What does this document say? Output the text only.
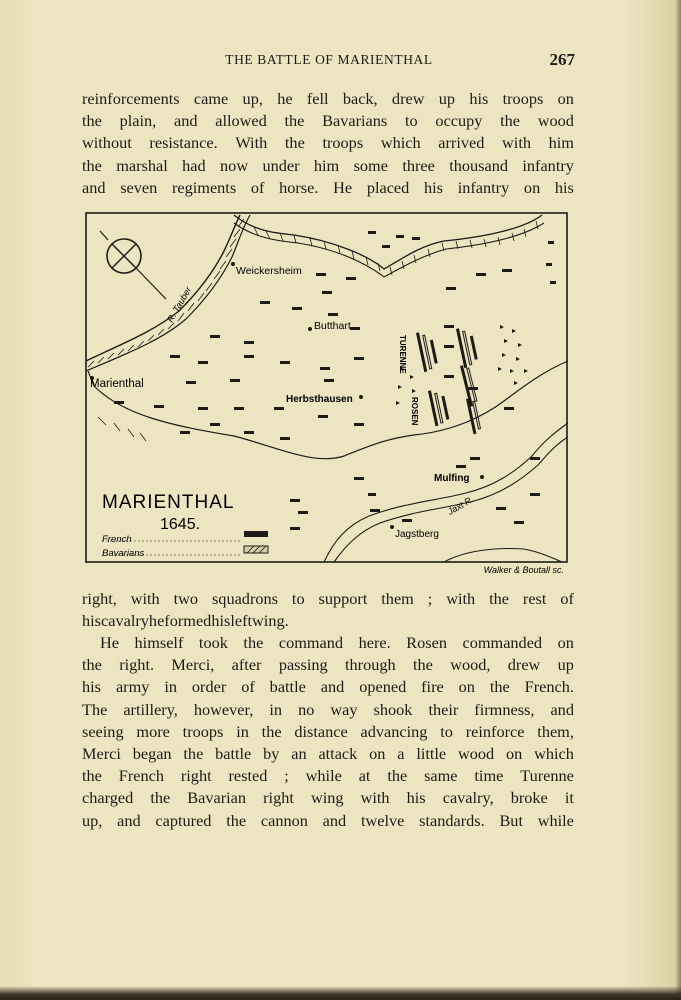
THE BATTLE OF MARIENTHAL	267
reinforcements came up, he fell back, drew up his troops on
the plain, and allowed the Bavarians to occupy the wood
without resistance. With the troops which arrived with him
the marshal had now under him some three thousand infantry
and seven regiments of horse. He placed his infantry on his
Weickersheim
Butthart
Marienthal
Herbsthausen
Mulfing
Jagstberg
R. Tauber
Jaxt R.
TURENNE
ROSEN
MARIENTHAL
1645.
French
Bavarians
Walker & Boutall sc.
right, with two squadrons to support them ; with the rest of
his cavalry he formed his left wing.
He himself took the command here. Rosen commanded on
the right. Merci, after passing through the wood, drew up
his army in order of battle and opened fire on the French.
The artillery, however, in no way shook their firmness, and
seeing more troops in the distance advancing to reinforce them,
Merci began the battle by an attack on a little wood on which
the French right rested ; while at the same time Turenne
charged the Bavarian right wing with his cavalry, broke it
up, and captured the cannon and twelve standards. But while
